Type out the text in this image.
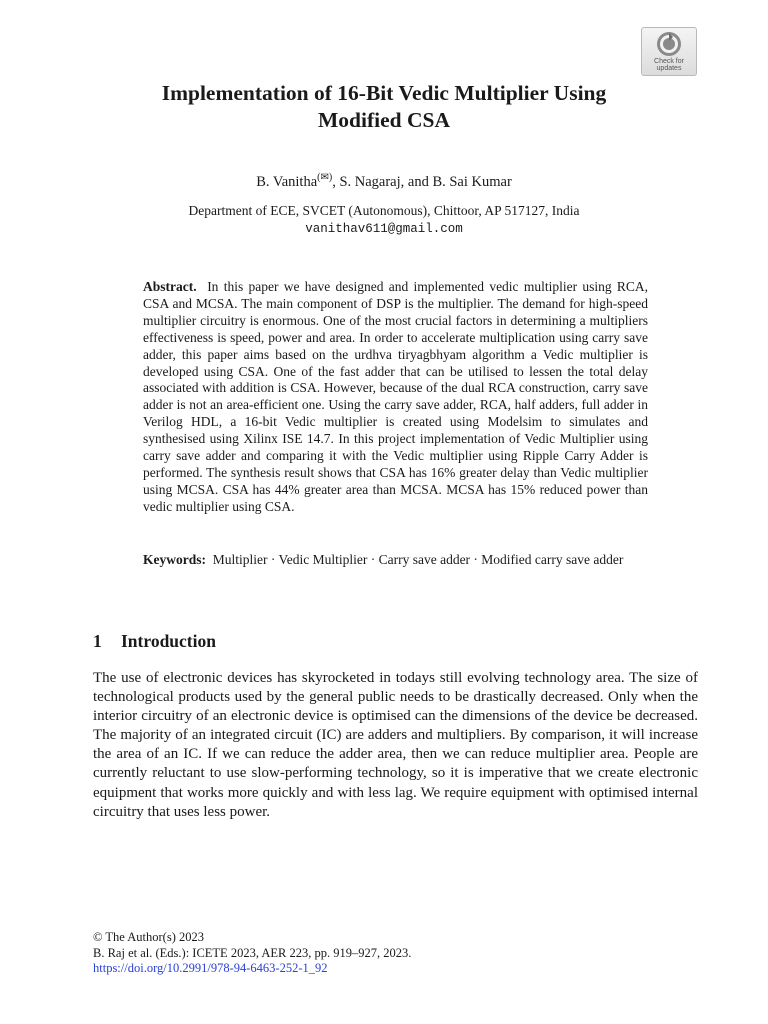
Check for
updates
Implementation of 16-Bit Vedic Multiplier Using
Modified CSA
B. Vanitha(✉), S. Nagaraj, and B. Sai Kumar
Department of ECE, SVCET (Autonomous), Chittoor, AP 517127, India
vanithav611@gmail.com

Abstract. In this paper we have designed and implemented vedic multiplier using RCA, CSA and MCSA. The main component of DSP is the multiplier. The demand for high-speed multiplier circuitry is enormous. One of the most crucial factors in determining a multipliers effectiveness is speed, power and area. In order to accelerate multiplication using carry save adder, this paper aims based on the urdhva tiryagbhyam algorithm a Vedic multiplier is developed using CSA. One of the fast adder that can be utilised to lessen the total delay associated with addition is CSA. However, because of the dual RCA construction, carry save adder is not an area-efficient one. Using the carry save adder, RCA, half adders, full adder in Verilog HDL, a 16-bit Vedic multiplier is created using Modelsim to simulates and synthesised using Xilinx ISE 14.7. In this project implementation of Vedic Multiplier using carry save adder and comparing it with the Vedic multiplier using Ripple Carry Adder is performed. The synthesis result shows that CSA has 16% greater delay than Vedic multiplier using MCSA. CSA has 44% greater area than MCSA. MCSA has 15% reduced power than vedic multiplier using CSA.

Keywords: Multiplier · Vedic Multiplier · Carry save adder · Modified carry save adder

1 Introduction

The use of electronic devices has skyrocketed in todays still evolving technology area. The size of technological products used by the general public needs to be drastically decreased. Only when the interior circuitry of an electronic device is optimised can the dimensions of the device be decreased. The majority of an integrated circuit (IC) are adders and multipliers. By comparison, it will increase the area of an IC. If we can reduce the adder area, then we can reduce multiplier area. People are currently reluctant to use slow-performing technology, so it is imperative that we create electronic equipment that works more quickly and with less lag. We require equipment with optimised internal circuitry that uses less power.

© The Author(s) 2023
B. Raj et al. (Eds.): ICETE 2023, AER 223, pp. 919–927, 2023.
https://doi.org/10.2991/978-94-6463-252-1_92
